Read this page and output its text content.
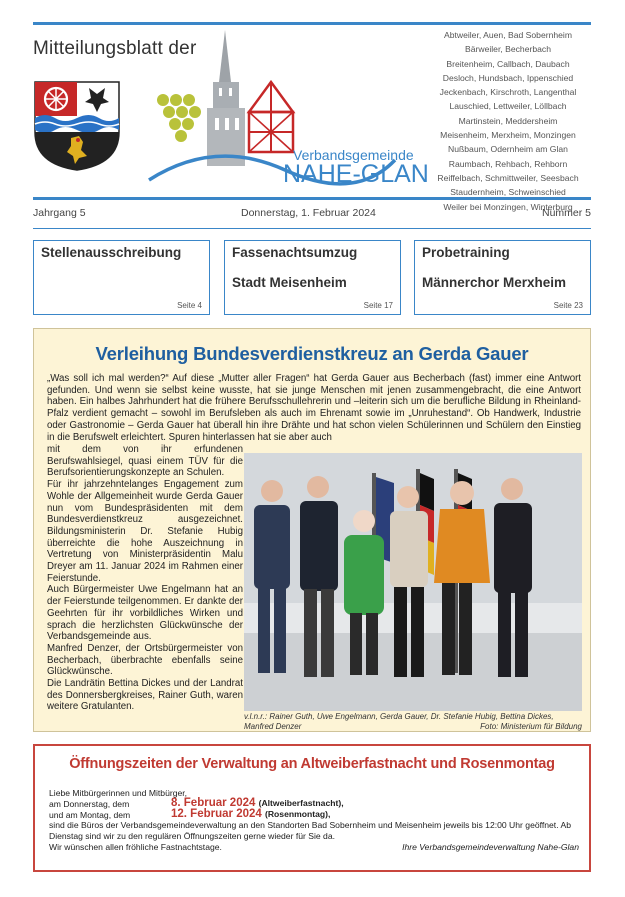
Mitteilungsblatt der
Verbandsgemeinde
NAHE-GLAN
Abtweiler, Auen, Bad Sobernheim
Bärweiler, Becherbach
Breitenheim, Callbach, Daubach
Desloch, Hundsbach, Ippenschied
Jeckenbach, Kirschroth, Langenthal
Lauschied, Lettweiler, Löllbach
Martinstein, Meddersheim
Meisenheim, Merxheim, Monzingen
Nußbaum, Odernheim am Glan
Raumbach, Rehbach, Rehborn
Reiffelbach, Schmittweiler, Seesbach
Staudernheim, Schweinschied
Weiler bei Monzingen, Winterburg
Jahrgang 5	Donnerstag, 1. Februar 2024	Nummer 5
Stellenausschreibung
Seite 4
Fassenachtsumzug
Stadt Meisenheim
Seite 17
Probetraining
Männerchor Merxheim
Seite 23
Verleihung Bundesverdienstkreuz an Gerda Gauer
„Was soll ich mal werden?“ Auf diese „Mutter aller Fragen“ hat Gerda Gauer aus Becherbach (fast) immer eine Antwort gefunden. Und wenn sie selbst keine wusste, hat sie junge Menschen mit jenen zusammengebracht, die eine Antwort haben. Ein halbes Jahrhundert hat die frühere Berufsschullehrerin und –leiterin sich um die berufliche Bildung in Rheinland-Pfalz verdient gemacht – sowohl im Berufsleben als auch im Ehrenamt sowie im „Unruhestand“. Ob Handwerk, Industrie oder Gastronomie – Gerda Gauer hat überall hin ihre Drähte und hat schon vielen Schülerinnen und Schülern den Einstieg in die Berufswelt erleichtert. Spuren hinterlassen hat sie aber auch

mit dem von ihr erfundenen Berufswahlsiegel, quasi einem TÜV für die Berufsorientierungskonzepte an Schulen.

Für ihr jahrzehntelanges Engagement zum Wohle der Allgemeinheit wurde Gerda Gauer nun vom Bundespräsidenten mit dem Bundesverdienstkreuz ausgezeichnet. Bildungsministerin Dr. Stefanie Hubig überreichte die hohe Auszeichnung in Vertretung von Ministerpräsidentin Malu Dreyer am 11. Januar 2024 im Rahmen einer Feierstunde.

Auch Bürgermeister Uwe Engelmann hat an der Feierstunde teilgenommen. Er dankte der Geehrten für ihr vorbildliches Wirken und sprach die herzlichsten Glückwünsche der Verbandsgemeinde aus.

Manfred Denzer, der Ortsbürgermeister von Becherbach, überbrachte ebenfalls seine Glückwünsche.

Die Landrätin Bettina Dickes und der Landrat des Donnersbergkreises, Rainer Guth, waren weitere Gratulanten.

v.l.n.r.: Rainer Guth, Uwe Engelmann, Gerda Gauer, Dr. Stefanie Hubig, Bettina Dickes,
Manfred Denzer	Foto: Ministerium für Bildung
Öffnungszeiten der Verwaltung an Altweiberfastnacht und Rosenmontag
Liebe Mitbürgerinnen und Mitbürger,
am Donnerstag, dem	8. Februar 2024 (Altweiberfastnacht),
und am Montag, dem	12. Februar 2024 (Rosenmontag),
sind die Büros der Verbandsgemeindeverwaltung an den Standorten Bad Sobernheim und Meisenheim jeweils bis 12:00 Uhr geöffnet. Ab Dienstag sind wir zu den regulären Öffnungszeiten gerne wieder für Sie da.
Wir wünschen allen fröhliche Fastnachtstage.	Ihre Verbandsgemeindeverwaltung Nahe-Glan
